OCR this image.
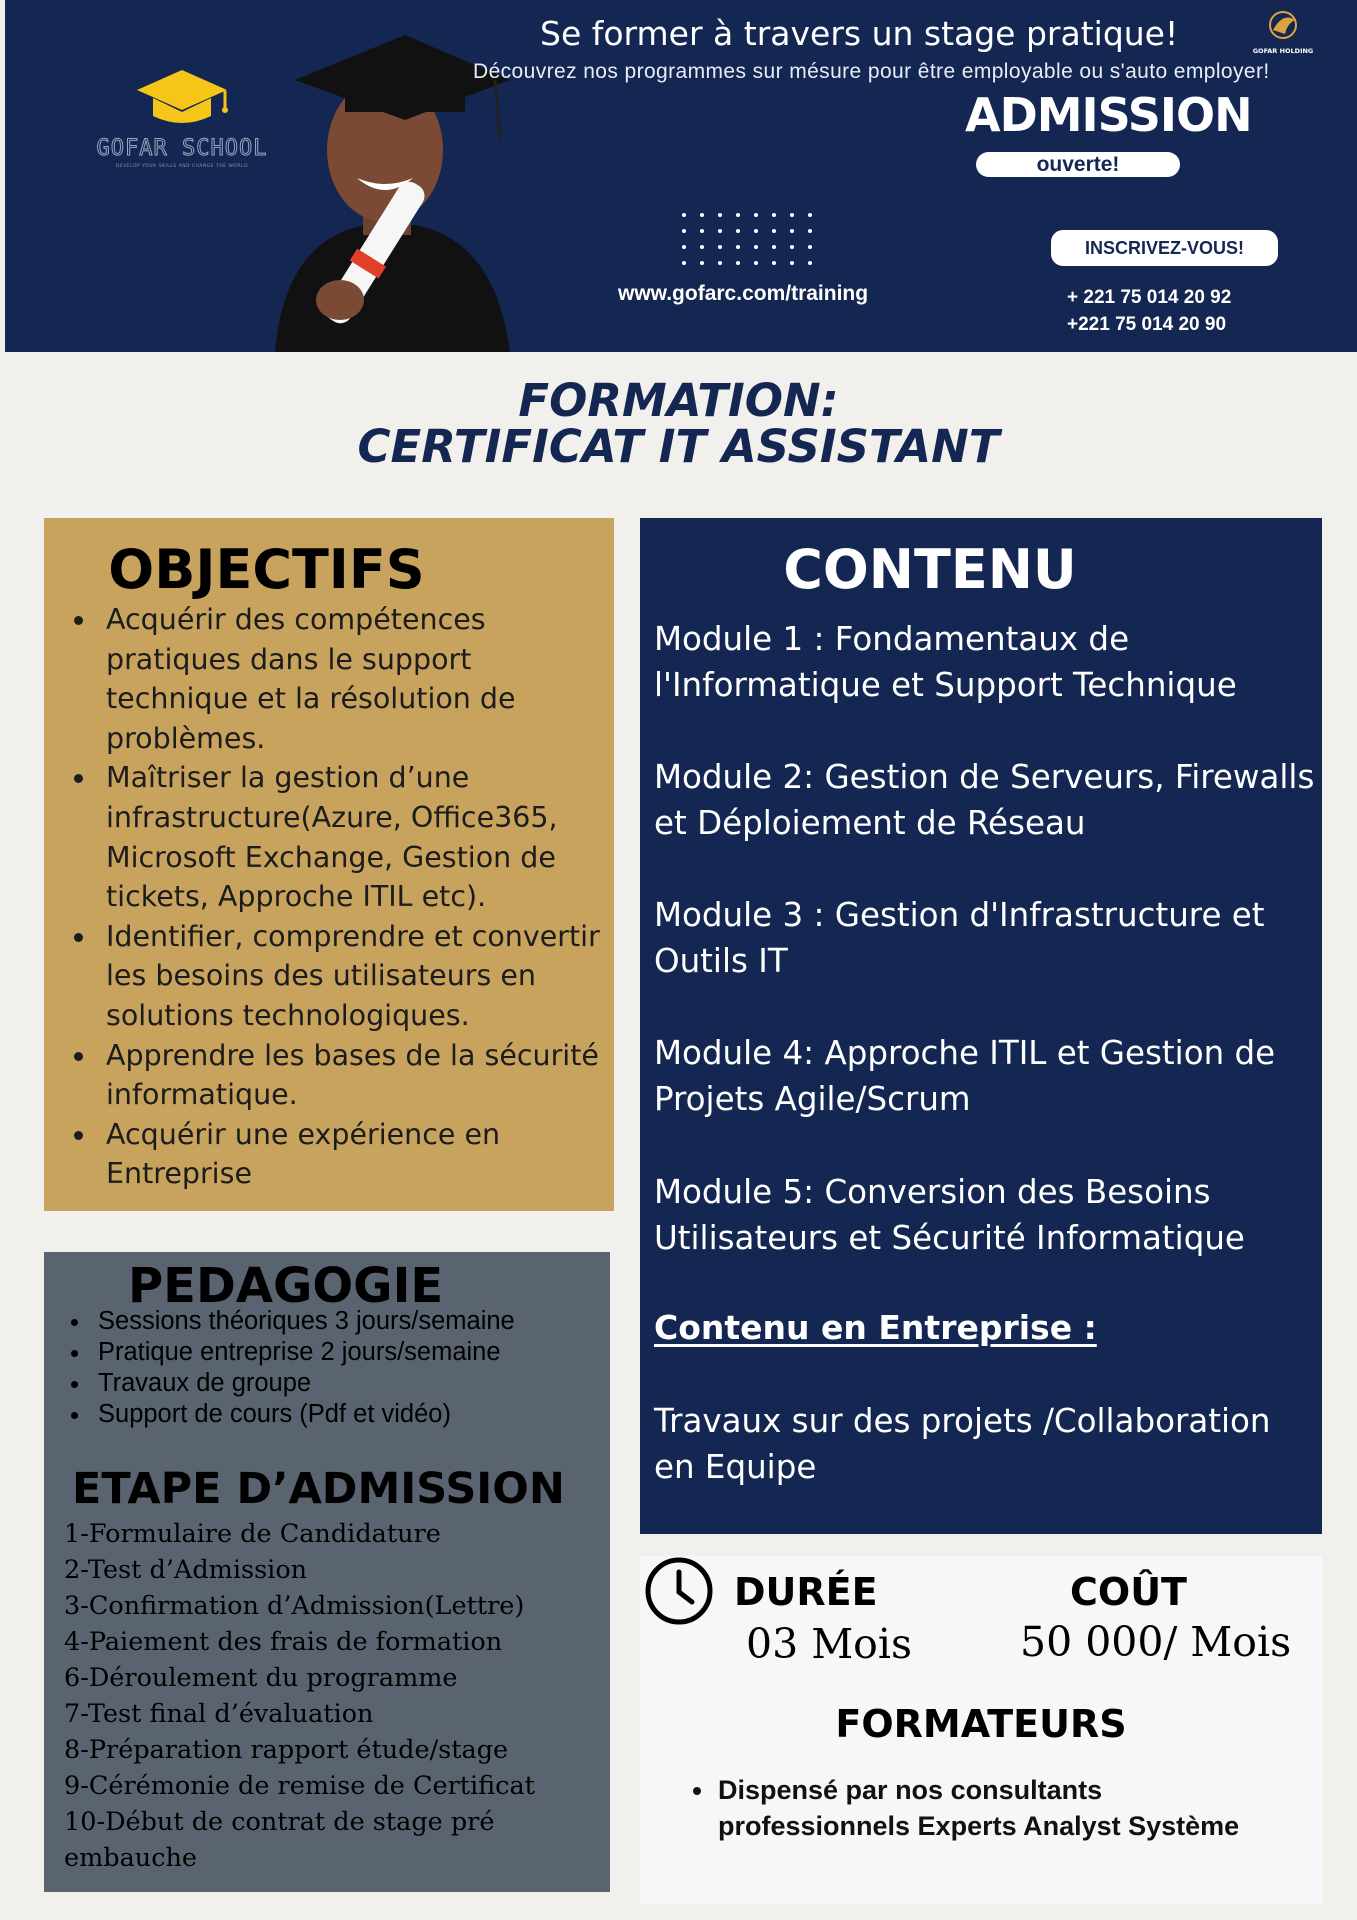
GOFAR SCHOOL
DEVELOP YOUR SKILLS AND CHANGE THE WORLD
Se former à travers un stage pratique!
Découvrez nos programmes sur mésure pour être employable ou s'auto employer!
GOFAR HOLDING
ADMISSION
ouverte!
www.gofarc.com/training
INSCRIVEZ-VOUS!
+ 221 75 014 20 92
+221 75 014 20 90
FORMATION:
CERTIFICAT IT ASSISTANT
OBJECTIFS
• Acquérir des compétences pratiques dans le support technique et la résolution de problèmes.
• Maîtriser la gestion d’une infrastructure(Azure, Office365, Microsoft Exchange, Gestion de tickets, Approche ITIL etc).
• Identifier, comprendre et convertir les besoins des utilisateurs en solutions technologiques.
• Apprendre les bases de la sécurité informatique.
• Acquérir une expérience en Entreprise
PEDAGOGIE
• Sessions théoriques 3 jours/semaine
• Pratique entreprise 2 jours/semaine
• Travaux de groupe
• Support de cours (Pdf et vidéo)
ETAPE D’ADMISSION
1-Formulaire de Candidature
2-Test d’Admission
3-Confirmation d’Admission(Lettre)
4-Paiement des frais de formation
6-Déroulement du programme
7-Test final d’évaluation
8-Préparation rapport étude/stage
9-Cérémonie de remise de Certificat
10-Début de contrat de stage pré embauche
CONTENU
Module 1 : Fondamentaux de l'Informatique et Support Technique
Module 2: Gestion de Serveurs, Firewalls et Déploiement de Réseau
Module 3 : Gestion d'Infrastructure et Outils IT
Module 4: Approche ITIL et Gestion de Projets Agile/Scrum
Module 5: Conversion des Besoins Utilisateurs et Sécurité Informatique
Contenu en Entreprise :
Travaux sur des projets /Collaboration en Equipe
DURÉE
03 Mois
COÛT
50 000/ Mois
FORMATEURS
• Dispensé par nos consultants professionnels Experts Analyst Système
